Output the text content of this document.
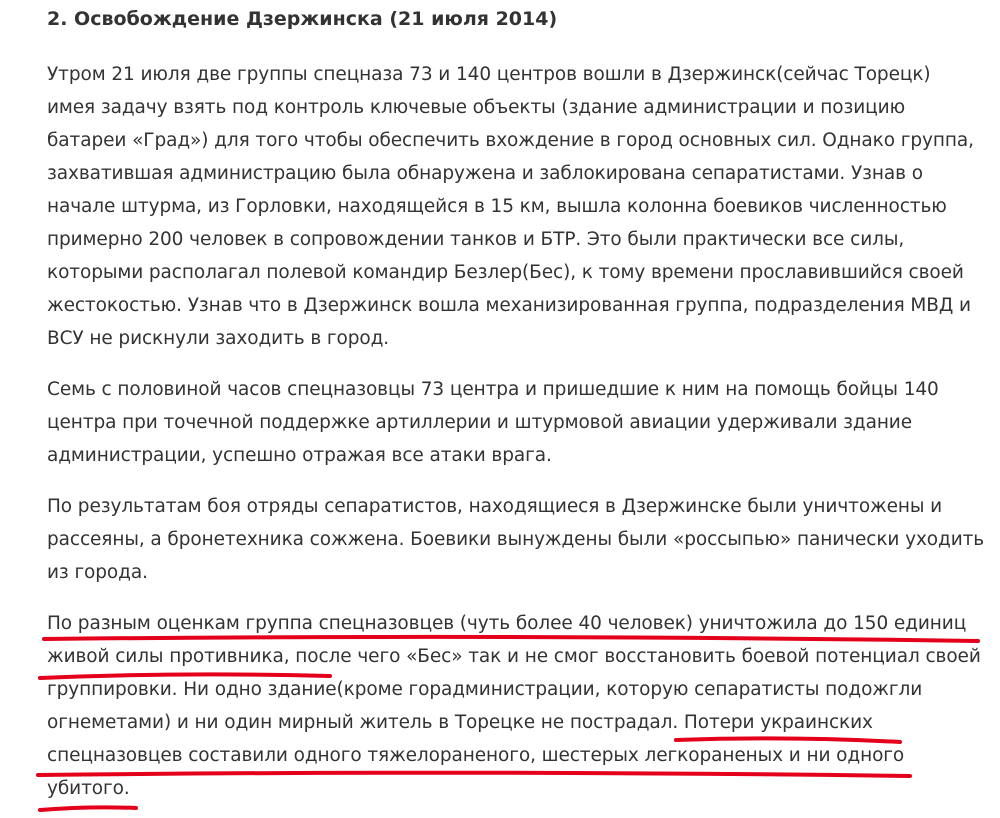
2. Освобождение Дзержинска (21 июля 2014)

Утром 21 июля две группы спецназа 73 и 140 центров вошли в Дзержинск(сейчас Торецк)
имея задачу взять под контроль ключевые объекты (здание администрации и позицию
батареи «Град») для того чтобы обеспечить вхождение в город основных сил. Однако группа,
захватившая администрацию была обнаружена и заблокирована сепаратистами. Узнав о
начале штурма, из Горловки, находящейся в 15 км, вышла колонна боевиков численностью
примерно 200 человек в сопровождении танков и БТР. Это были практически все силы,
которыми располагал полевой командир Безлер(Бес), к тому времени прославившийся своей
жестокостью. Узнав что в Дзержинск вошла механизированная группа, подразделения МВД и
ВСУ не рискнули заходить в город.

Семь с половиной часов спецназовцы 73 центра и пришедшие к ним на помощь бойцы 140
центра при точечной поддержке артиллерии и штурмовой авиации удерживали здание
администрации, успешно отражая все атаки врага.

По результатам боя отряды сепаратистов, находящиеся в Дзержинске были уничтожены и
рассеяны, а бронетехника сожжена. Боевики вынуждены были «россыпью» панически уходить
из города.

По разным оценкам группа спецназовцев (чуть более 40 человек) уничтожила до 150 единиц
живой силы противника, после чего «Бес» так и не смог восстановить боевой потенциал своей
группировки. Ни одно здание(кроме горадминистрации, которую сепаратисты подожгли
огнеметами) и ни один мирный житель в Торецке не пострадал. Потери украинских
спецназовцев составили одного тяжелораненого, шестерых легкораненых и ни одного
убитого.
